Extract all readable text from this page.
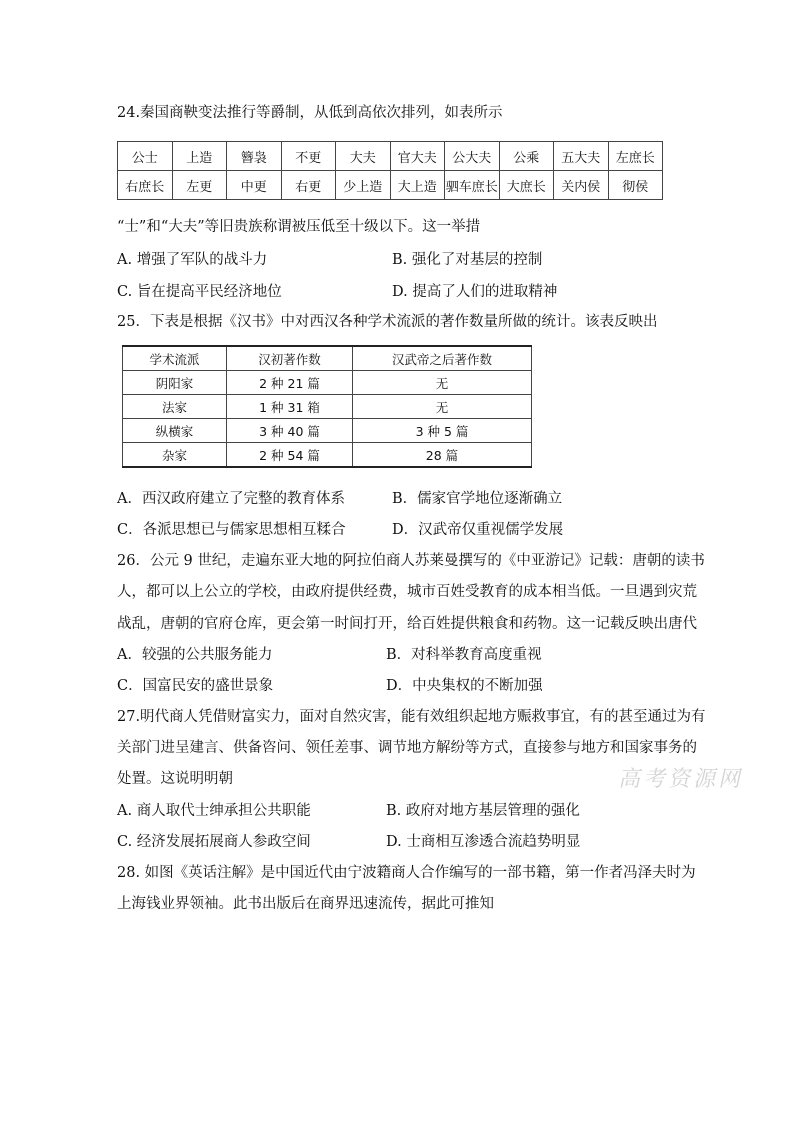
24.秦国商鞅变法推行等爵制，从低到高依次排列，如表所示
公士	上造	簪袅	不更	大夫	官大夫	公大夫	公乘	五大夫	左庶长
右庶长	左更	中更	右更	少上造	大上造	驷车庶长	大庶长	关内侯	彻侯
“士”和“大夫”等旧贵族称谓被压低至十级以下。这一举措
A. 增强了军队的战斗力	B. 强化了对基层的控制
C. 旨在提高平民经济地位	D. 提高了人们的进取精神
25．下表是根据《汉书》中对西汉各种学术流派的著作数量所做的统计。该表反映出
学术流派	汉初著作数	汉武帝之后著作数
阴阳家	2 种 21 篇	无
法家	1 种 31 箱	无
纵横家	3 种 40 篇	3 种 5 篇
杂家	2 种 54 篇	28 篇
A．西汉政府建立了完整的教育体系	B．儒家官学地位逐渐确立
C．各派思想已与儒家思想相互糅合	D．汉武帝仅重视儒学发展
26．公元 9 世纪，走遍东亚大地的阿拉伯商人苏莱曼撰写的《中亚游记》记载：唐朝的读书
人，都可以上公立的学校，由政府提供经费，城市百姓受教育的成本相当低。一旦遇到灾荒
战乱，唐朝的官府仓库，更会第一时间打开，给百姓提供粮食和药物。这一记载反映出唐代
A．较强的公共服务能力	B．对科举教育高度重视
C．国富民安的盛世景象	D．中央集权的不断加强
27.明代商人凭借财富实力，面对自然灾害，能有效组织起地方赈救事宜，有的甚至通过为有
关部门进呈建言、供备咨问、领任差事、调节地方解纷等方式，直接参与地方和国家事务的
处置。这说明明朝	高考资源网
A. 商人取代士绅承担公共职能	B. 政府对地方基层管理的强化
C. 经济发展拓展商人参政空间	D. 士商相互渗透合流趋势明显
28. 如图《英话注解》是中国近代由宁波籍商人合作编写的一部书籍，第一作者冯泽夫时为
上海钱业界领袖。此书出版后在商界迅速流传，据此可推知
